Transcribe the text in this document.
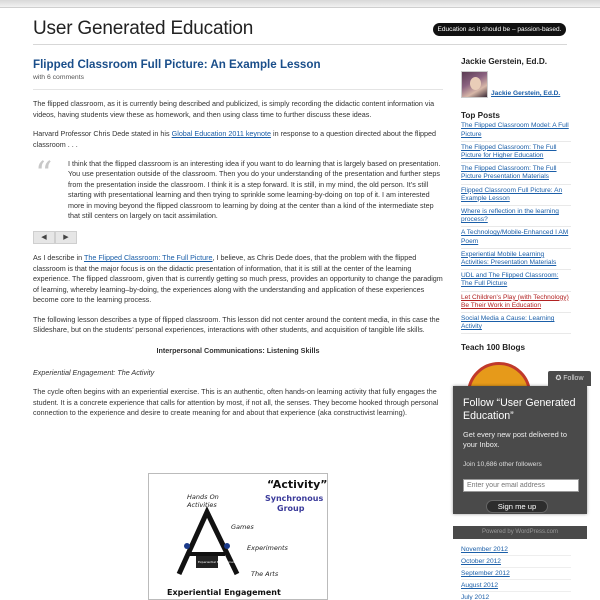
User Generated Education	Education as it should be – passion-based.
Flipped Classroom Full Picture: An Example Lesson
with 6 comments

The flipped classroom, as it is currently being described and publicized, is simply recording the didactic content information via videos, having students view these as homework, and then using class time to further discuss these ideas.

Harvard Professor Chris Dede stated in his Global Education 2011 keynote in response to a question directed about the flipped classroom . . .

“ I think that the flipped classroom is an interesting idea if you want to do learning that is largely based on presentation. You use presentation outside of the classroom. Then you do your understanding of the presentation and further steps from the presentation inside the classroom. I think it is a step forward. It is still, in my mind, the old person. It’s still starting with presentational learning and then trying to sprinkle some learning-by-doing on top of it. I am interested more in moving beyond the flipped classroom to learning by doing at the center than a kind of the intermediate step that still centers on largely on tacit assimilation.
◀	▶

As I describe in The Flipped Classroom: The Full Picture, I believe, as Chris Dede does, that the problem with the flipped classroom is that the major focus is on the didactic presentation of information, that it is still at the center of the learning experience. The flipped classroom, given that is currently getting so much press, provides an opportunity to change the paradigm of learning, whereby learning–by-doing, the experiences along with the understanding and application of these experiences become core to the learning process.

The following lesson describes a type of flipped classroom. This lesson did not center around the content media, in this case the Slideshare, but on the students’ personal experiences, interactions with other students, and acquisition of tangible life skills.

Interpersonal Communications: Listening Skills
Experiential Engagement: The Activity

The cycle often begins with an experiential exercise. This is an authentic, often hands-on learning activity that fully engages the student. It is a concrete experience that calls for attention by most, if not all, the senses. They become hooked through personal connection to the experience and desire to create meaning for and about that experience (aka constructivist learning).

“Activity”
Synchronous
Group
Hands On
Activities
Games
Experiments
The Arts
Experiential Engagement
Experiential Engagement
Jackie Gerstein, Ed.D.
Jackie Gerstein, Ed.D.
Top Posts
The Flipped Classroom Model: A Full Picture
The Flipped Classroom: The Full Picture for Higher Education
The Flipped Classroom: The Full Picture Presentation Materials
Flipped Classroom Full Picture: An Example Lesson
Where is reflection in the learning process?
A Technology/Mobile-Enhanced I AM Poem
Experiential Mobile Learning Activities: Presentation Materials
UDL and The Flipped Classroom: The Full Picture
Let Children's Play (with Technology) Be Their Work in Education
Social Media a Cause: Learning Activity
Teach 100 Blogs
November 2012
October 2012
September 2012
August 2012
July 2012
✪ Follow
Follow “User Generated Education”
Get every new post delivered to your Inbox.
Join 10,686 other followers
Enter your email address
Sign me up
Powered by WordPress.com
